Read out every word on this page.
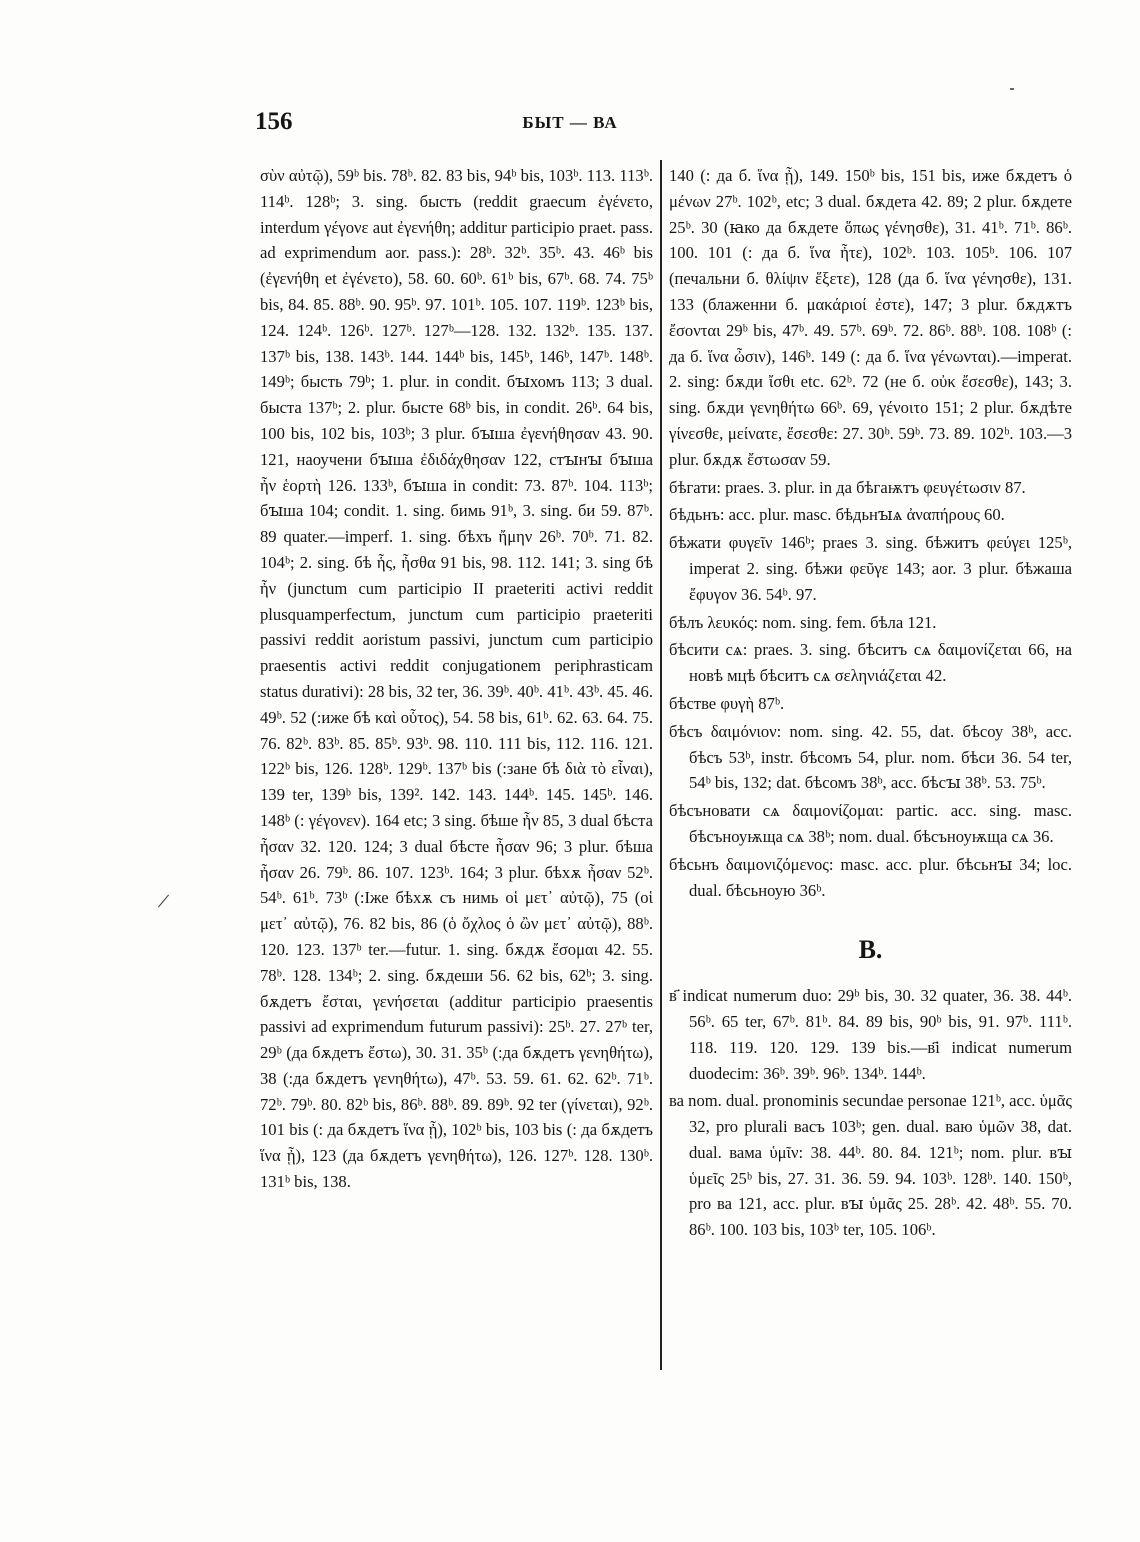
156	БЫТ — ВА

σὺν αὐτῷ), 59ᵇ bis. 78ᵇ. 82. 83 bis, 94ᵇ bis, 103ᵇ. 113. 113ᵇ. 114ᵇ. 128ᵇ; 3. sing. бысть (reddit graecum ἐγένετο, interdum γέγονε aut ἐγενήθη; additur participio praet. pass. ad exprimendum aor. pass.): 28ᵇ. 32ᵇ. 35ᵇ. 43. 46ᵇ bis (ἐγενήθη et ἐγένετο), 58. 60. 60ᵇ. 61ᵇ bis, 67ᵇ. 68. 74. 75ᵇ bis, 84. 85. 88ᵇ. 90. 95ᵇ. 97. 101ᵇ. 105. 107. 119ᵇ. 123ᵇ bis, 124. 124ᵇ. 126ᵇ. 127ᵇ. 127ᵇ—128. 132. 132ᵇ. 135. 137. 137ᵇ bis, 138. 143ᵇ. 144. 144ᵇ bis, 145ᵇ, 146ᵇ, 147ᵇ. 148ᵇ. 149ᵇ; бысть 79ᵇ; 1. plur. in condit. бꙑхомъ 113; 3 dual. быста 137ᵇ; 2. plur. бысте 68ᵇ bis, in condit. 26ᵇ. 64 bis, 100 bis, 102 bis, 103ᵇ; 3 plur. бꙑша ἐγενήθησαν 43. 90. 121, наоучени бꙑша ἐδιδάχθησαν 122, стꙑнꙑ бꙑша ἦν ἑορτὴ 126. 133ᵇ, бꙑша in condit: 73. 87ᵇ. 104. 113ᵇ; бꙑша 104; condit. 1. sing. бимь 91ᵇ, 3. sing. би 59. 87ᵇ. 89 quater.—imperf. 1. sing. бѣхъ ἤμην 26ᵇ. 70ᵇ. 71. 82. 104ᵇ; 2. sing. бѣ ἧς, ἦσθα 91 bis, 98. 112. 141; 3. sing бѣ ἦν (junctum cum participio II praeteriti activi reddit plusquamperfectum, junctum cum participio praeteriti passivi reddit aoristum passivi, junctum cum participio praesentis activi reddit conjugationem periphrasticam status durativi): 28 bis, 32 ter, 36. 39ᵇ. 40ᵇ. 41ᵇ. 43ᵇ. 45. 46. 49ᵇ. 52 (:иже бѣ καὶ οὗτος), 54. 58 bis, 61ᵇ. 62. 63. 64. 75. 76. 82ᵇ. 83ᵇ. 85. 85ᵇ. 93ᵇ. 98. 110. 111 bis, 112. 116. 121. 122ᵇ bis, 126. 128ᵇ. 129ᵇ. 137ᵇ bis (:зане бѣ διὰ τὸ εἶναι), 139 ter, 139ᵇ bis, 139². 142. 143. 144ᵇ. 145. 145ᵇ. 146. 148ᵇ (: γέγονεν). 164 etc; 3 sing. бѣше ἦν 85, 3 dual бѣста ἦσαν 32. 120. 124; 3 dual бѣсте ἦσαν 96; 3 plur. бѣша ἦσαν 26. 79ᵇ. 86. 107. 123ᵇ. 164; 3 plur. бѣхѫ ἦσαν 52ᵇ. 54ᵇ. 61ᵇ. 73ᵇ (:Іже бѣхѫ съ нимь οἱ μετ᾽ αὐτῷ), 75 (οἱ μετ᾽ αὐτῷ), 76. 82 bis, 86 (ὁ ὄχλος ὁ ὢν μετ᾽ αὐτῷ), 88ᵇ. 120. 123. 137ᵇ ter.—futur. 1. sing. бѫдѫ ἔσομαι 42. 55. 78ᵇ. 128. 134ᵇ; 2. sing. бѫдеши 56. 62 bis, 62ᵇ; 3. sing. бѫдетъ ἔσται, γενήσεται (additur participio praesentis passivi ad exprimendum futurum passivi): 25ᵇ. 27. 27ᵇ ter, 29ᵇ (да бѫдетъ ἔστω), 30. 31. 35ᵇ (:да бѫдетъ γενηθήτω), 38 (:да бѫдетъ γενηθήτω), 47ᵇ. 53. 59. 61. 62. 62ᵇ. 71ᵇ. 72ᵇ. 79ᵇ. 80. 82ᵇ bis, 86ᵇ. 88ᵇ. 89. 89ᵇ. 92 ter (γίνεται), 92ᵇ. 101 bis (: да бѫдетъ ἵνα ᾖ), 102ᵇ bis, 103 bis (: да бѫдетъ ἵνα ᾖ), 123 (да бѫдетъ γενηθήτω), 126. 127ᵇ. 128. 130ᵇ. 131ᵇ bis, 138.

140 (: да б. ἵνα ᾖ), 149. 150ᵇ bis, 151 bis, иже бѫдетъ ὁ μένων 27ᵇ. 102ᵇ, etc; 3 dual. бѫдета 42. 89; 2 plur. бѫдете 25ᵇ. 30 (ꙗко да бѫдете ὅπως γένησθε), 31. 41ᵇ. 71ᵇ. 86ᵇ. 100. 101 (: да б. ἵνα ἦτε), 102ᵇ. 103. 105ᵇ. 106. 107 (печальни б. θλίψιν ἕξετε), 128 (да б. ἵνα γένησθε), 131. 133 (блаженни б. μακάριοί ἐστε), 147; 3 plur. бѫдѫтъ ἔσονται 29ᵇ bis, 47ᵇ. 49. 57ᵇ. 69ᵇ. 72. 86ᵇ. 88ᵇ. 108. 108ᵇ (: да б. ἵνα ὦσιν), 146ᵇ. 149 (: да б. ἵνα γένωνται).—imperat. 2. sing: бѫди ἴσθι etc. 62ᵇ. 72 (не б. οὐκ ἔσεσθε), 143; 3. sing. бѫди γενηθήτω 66ᵇ. 69, γένοιτο 151; 2 plur. бѫдѣте γίνεσθε, μείνατε, ἔσεσθε: 27. 30ᵇ. 59ᵇ. 73. 89. 102ᵇ. 103.—3 plur. бѫдѫ ἔστωσαν 59.

бѣгати: praes. 3. plur. in да бѣгаѭтъ φευγέτωσιν 87.

бѣдьнъ: acc. plur. masc. бѣдьнꙑѧ ἀναπήρους 60.

бѣжати φυγεῖν 146ᵇ; praes 3. sing. бѣжитъ φεύγει 125ᵇ, imperat 2. sing. бѣжи φεῦγε 143; aor. 3 plur. бѣжаша ἔφυγον 36. 54ᵇ. 97.

бѣлъ λευκός: nom. sing. fem. бѣла 121.

бѣсити сѧ: praes. 3. sing. бѣситъ сѧ δαιμονίζεται 66, на новѣ мцѣ бѣситъ сѧ σεληνιάζεται 42.

бѣстве φυγὴ 87ᵇ.

бѣсъ δαιμόνιον: nom. sing. 42. 55, dat. бѣсоу 38ᵇ, acc. бѣсъ 53ᵇ, instr. бѣсомъ 54, plur. nom. бѣси 36. 54 ter, 54ᵇ bis, 132; dat. бѣсомъ 38ᵇ, acc. бѣсꙑ 38ᵇ. 53. 75ᵇ.

бѣсъновати сѧ δαιμονίζομαι: partic. acc. sing. masc. бѣсъноуѭща сѧ 38ᵇ; nom. dual. бѣсъноуѭща сѧ 36.

бѣсьнъ δαιμονιζόμενος: masc. acc. plur. бѣсьнꙑ 34; loc. dual. бѣсьноую 36ᵇ.

В.

в҃ indicat numerum duo: 29ᵇ bis, 30. 32 quater, 36. 38. 44ᵇ. 56ᵇ. 65 ter, 67ᵇ. 81ᵇ. 84. 89 bis, 90ᵇ bis, 91. 97ᵇ. 111ᵇ. 118. 119. 120. 129. 139 bis.—в҃і indicat numerum duodecim: 36ᵇ. 39ᵇ. 96ᵇ. 134ᵇ. 144ᵇ.

ва nom. dual. pronominis secundae personae 121ᵇ, acc. ὑμᾶς 32, pro plurali васъ 103ᵇ; gen. dual. ваю ὑμῶν 38, dat. dual. вама ὑμῖν: 38. 44ᵇ. 80. 84. 121ᵇ; nom. plur. вꙑ ὑμεῖς 25ᵇ bis, 27. 31. 36. 59. 94. 103ᵇ. 128ᵇ. 140. 150ᵇ, pro ва 121, acc. plur. вꙑ ὑμᾶς 25. 28ᵇ. 42. 48ᵇ. 55. 70. 86ᵇ. 100. 103 bis, 103ᵇ ter, 105. 106ᵇ.
